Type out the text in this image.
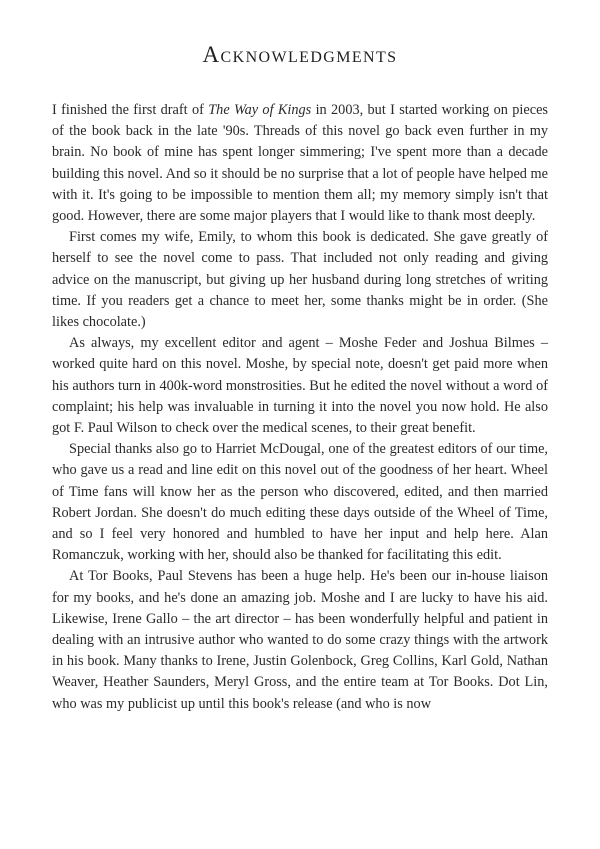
Acknowledgments

I finished the first draft of The Way of Kings in 2003, but I started working on pieces of the book back in the late '90s. Threads of this novel go back even further in my brain. No book of mine has spent longer simmering; I've spent more than a decade building this novel. And so it should be no surprise that a lot of people have helped me with it. It's going to be impossible to mention them all; my memory simply isn't that good. However, there are some major players that I would like to thank most deeply.

First comes my wife, Emily, to whom this book is dedicated. She gave greatly of herself to see the novel come to pass. That included not only reading and giving advice on the manuscript, but giving up her husband during long stretches of writing time. If you readers get a chance to meet her, some thanks might be in order. (She likes chocolate.)

As always, my excellent editor and agent – Moshe Feder and Joshua Bilmes – worked quite hard on this novel. Moshe, by special note, doesn't get paid more when his authors turn in 400k-word monstrosities. But he edited the novel without a word of complaint; his help was invaluable in turning it into the novel you now hold. He also got F. Paul Wilson to check over the medical scenes, to their great benefit.

Special thanks also go to Harriet McDougal, one of the greatest editors of our time, who gave us a read and line edit on this novel out of the goodness of her heart. Wheel of Time fans will know her as the person who discovered, edited, and then married Robert Jordan. She doesn't do much editing these days outside of the Wheel of Time, and so I feel very honored and humbled to have her input and help here. Alan Romanczuk, working with her, should also be thanked for facilitating this edit.

At Tor Books, Paul Stevens has been a huge help. He's been our in-house liaison for my books, and he's done an amazing job. Moshe and I are lucky to have his aid. Likewise, Irene Gallo – the art director – has been wonderfully helpful and patient in dealing with an intrusive author who wanted to do some crazy things with the artwork in his book. Many thanks to Irene, Justin Golenbock, Greg Collins, Karl Gold, Nathan Weaver, Heather Saunders, Meryl Gross, and the entire team at Tor Books. Dot Lin, who was my publicist up until this book's release (and who is now
